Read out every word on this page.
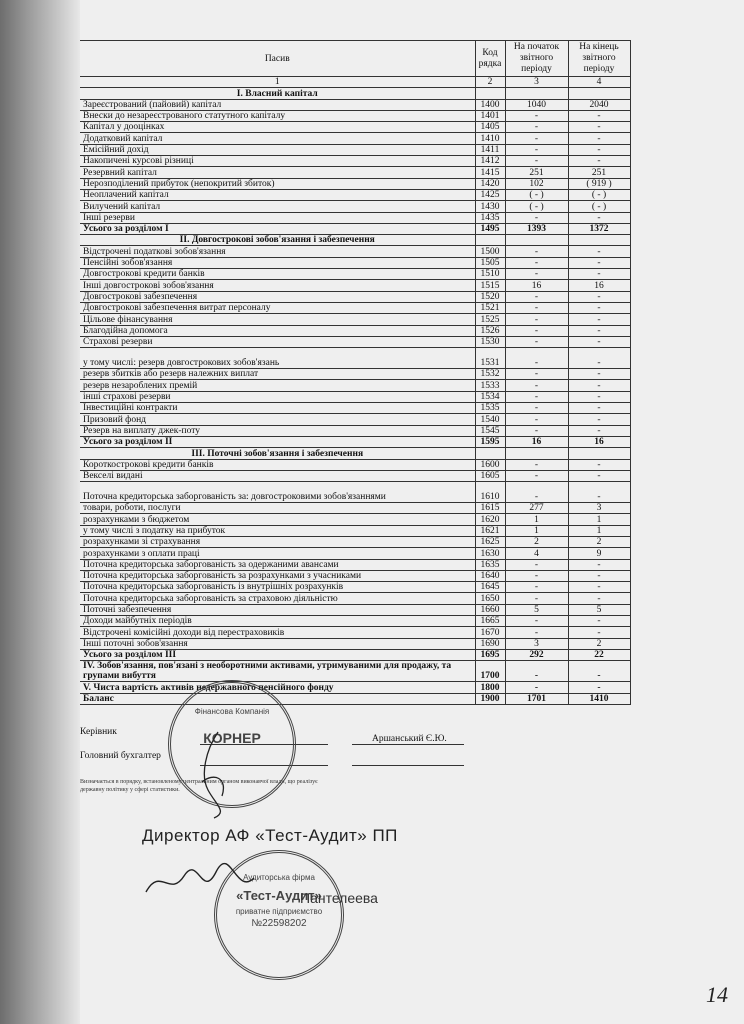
Пасив	Код рядка	На початок звітного періоду	На кінець звітного періоду
1	2	3	4
I. Власний капітал			
Зареєстрований (пайовий) капітал	1400	1040	2040
Внески до незареєстрованого статутного капіталу	1401	-	-
Капітал у дооцінках	1405	-	-
Додатковий капітал	1410	-	-
Емісійний дохід	1411	-	-
Накопичені курсові різниці	1412	-	-
Резервний капітал	1415	251	251
Нерозподілений прибуток (непокритий збиток)	1420	102	( 919 )
Неоплачений капітал	1425	( - )	( - )
Вилучений капітал	1430	( - )	( - )
Інші резерви	1435	-	-
Усього за розділом І	1495	1393	1372
II. Довгострокові зобов'язання і забезпечення			
Відстрочені податкові зобов'язання	1500	-	-
Пенсійні зобов'язання	1505	-	-
Довгострокові кредити банків	1510	-	-
Інші довгострокові зобов'язання	1515	16	16
Довгострокові забезпечення	1520	-	-
Довгострокові забезпечення витрат персоналу	1521	-	-
Цільове фінансування	1525	-	-
Благодійна допомога	1526	-	-
Страхові резерви	1530	-	-
у тому числі: резерв довгострокових зобов'язань	1531	-	-
резерв збитків або резерв належних виплат	1532	-	-
резерв незароблених премій	1533	-	-
інші страхові резерви	1534	-	-
Інвестиційні контракти	1535	-	-
Призовий фонд	1540	-	-
Резерв на виплату джек-поту	1545	-	-
Усього за розділом II	1595	16	16
IІІ. Поточні зобов'язання і забезпечення			
Короткострокові кредити банків	1600	-	-
Векселі видані	1605	-	-
Поточна кредиторська заборгованість за: довгостроковими зобов'язаннями	1610	-	-
товари, роботи, послуги	1615	277	3
розрахунками з бюджетом	1620	1	1
у тому числі з податку на прибуток	1621	1	1
розрахунками зі страхування	1625	2	2
розрахунками з оплати праці	1630	4	9
Поточна кредиторська заборгованість за одержаними авансами	1635	-	-
Поточна кредиторська заборгованість за розрахунками з учасниками	1640	-	-
Поточна кредиторська заборгованість із внутрішніх розрахунків	1645	-	-
Поточна кредиторська заборгованість за страховою діяльністю	1650	-	-
Поточні забезпечення	1660	5	5
Доходи майбутніх періодів	1665	-	-
Відстрочені комісійні доходи від перестраховиків	1670	-	-
Інші поточні зобов'язання	1690	3	2
Усього за розділом IІІ	1695	292	22
IV. Зобов'язання, пов'язані з необоротними активами, утримуваними для продажу, та групами вибуття	1700	-	-
V. Чиста вартість активів недержавного пенсійного фонду	1800	-	-
Баланс	1900	1701	1410
Керівник
Аршанський Є.Ю.
Головний бухгалтер
Визначається в порядку, встановленому центральним органом виконавчої влади, що реалізує державну політику у сфері статистики.
Фінансова Компанія
КОРНЕР
Директор АФ «Тест-Аудит» ПП
Аудиторська фірма
«Тест-Аудит»
приватне підприємство
№22598202
Пантелеева
14
